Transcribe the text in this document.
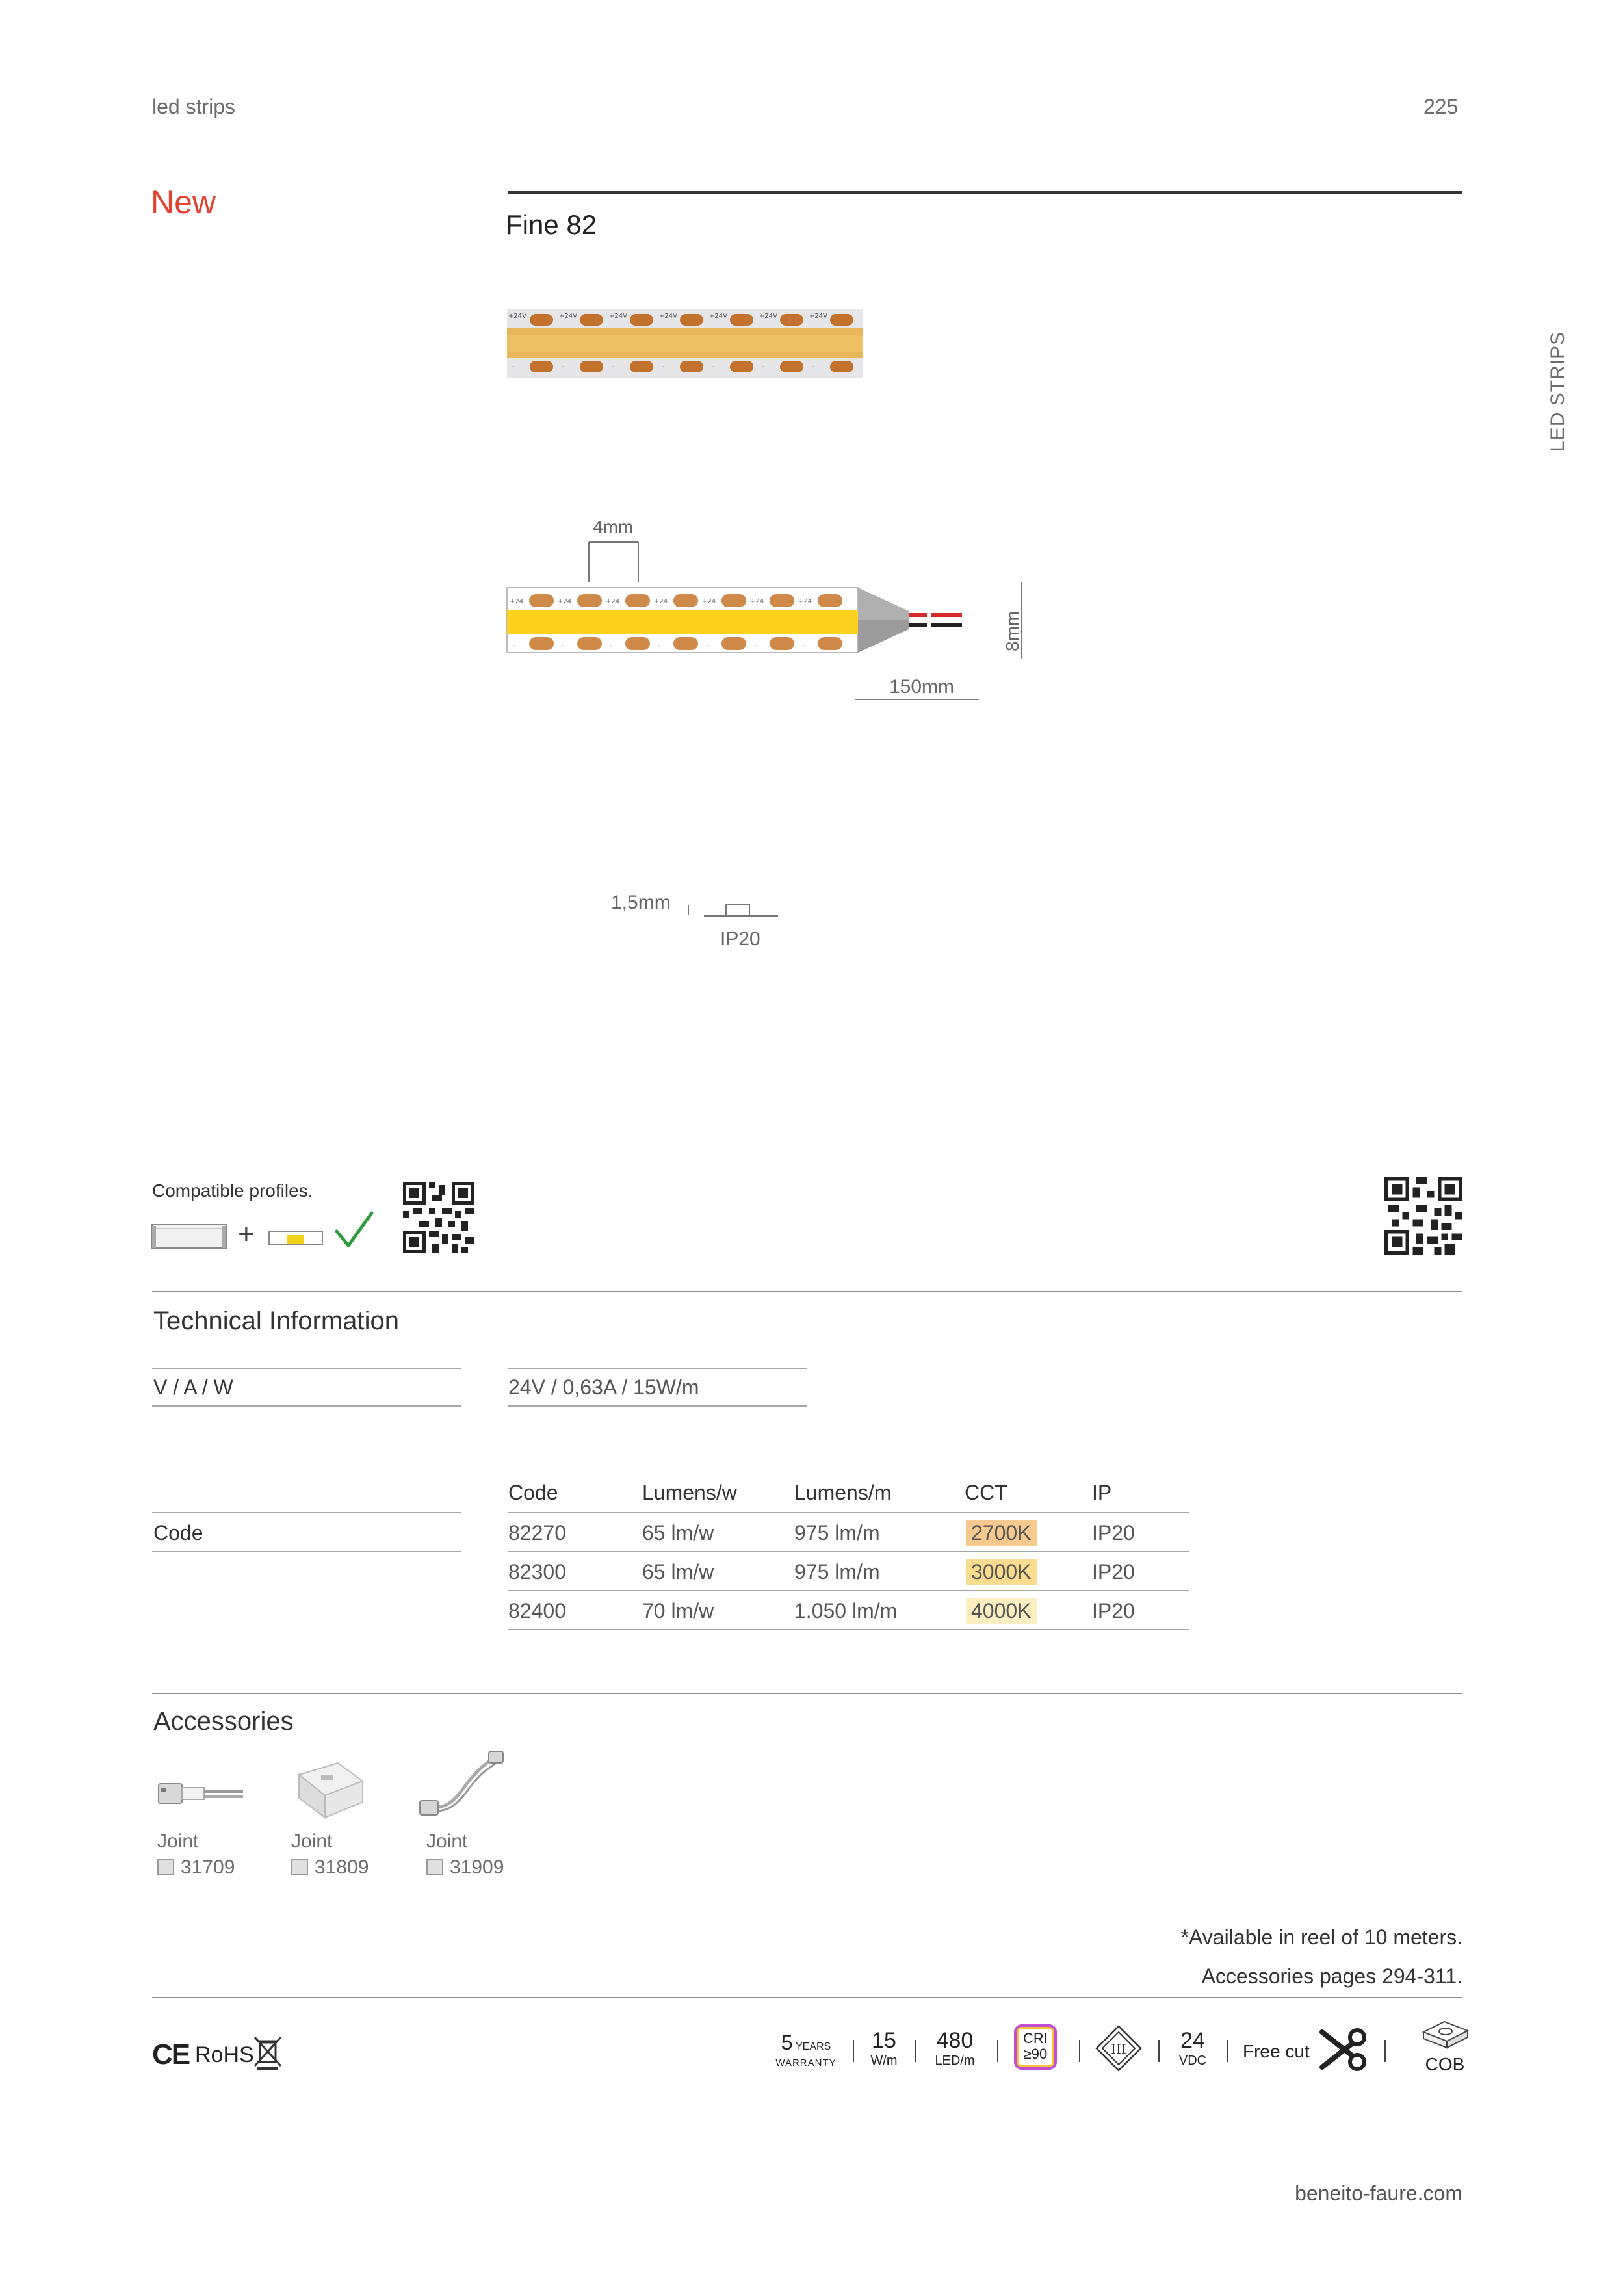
led strips	225
LED STRIPS
New
Fine 82
+24V	+24V	+24V	+24V	+24V	+24V	+24V
-	-	-	-	-	-	-
4mm
+24	+24	+24	+24	+24	+24	+24
-	-	-	-	-	-	-	8mm
150mm
1,5mm
IP20
Compatible profiles.
+
Technical Information
V / A / W	24V / 0,63A / 15W/m
Code
Code	Lumens/w	Lumens/m	CCT	IP
82270	65 lm/w	975 lm/m	2700K	IP20
82300	65 lm/w	975 lm/m	3000K	IP20
82400	70 lm/w	1.050 lm/m	4000K	IP20
Accessories
Joint
31709
Joint
31809
Joint
31909
*Available in reel of 10 meters.
Accessories pages 294-311.
CE RoHS	5 YEARS
WARRANTY
15
W/m
480
LED/m
CRI
≥90	III	24
VDC	Free cut
COB
beneito-faure.com
